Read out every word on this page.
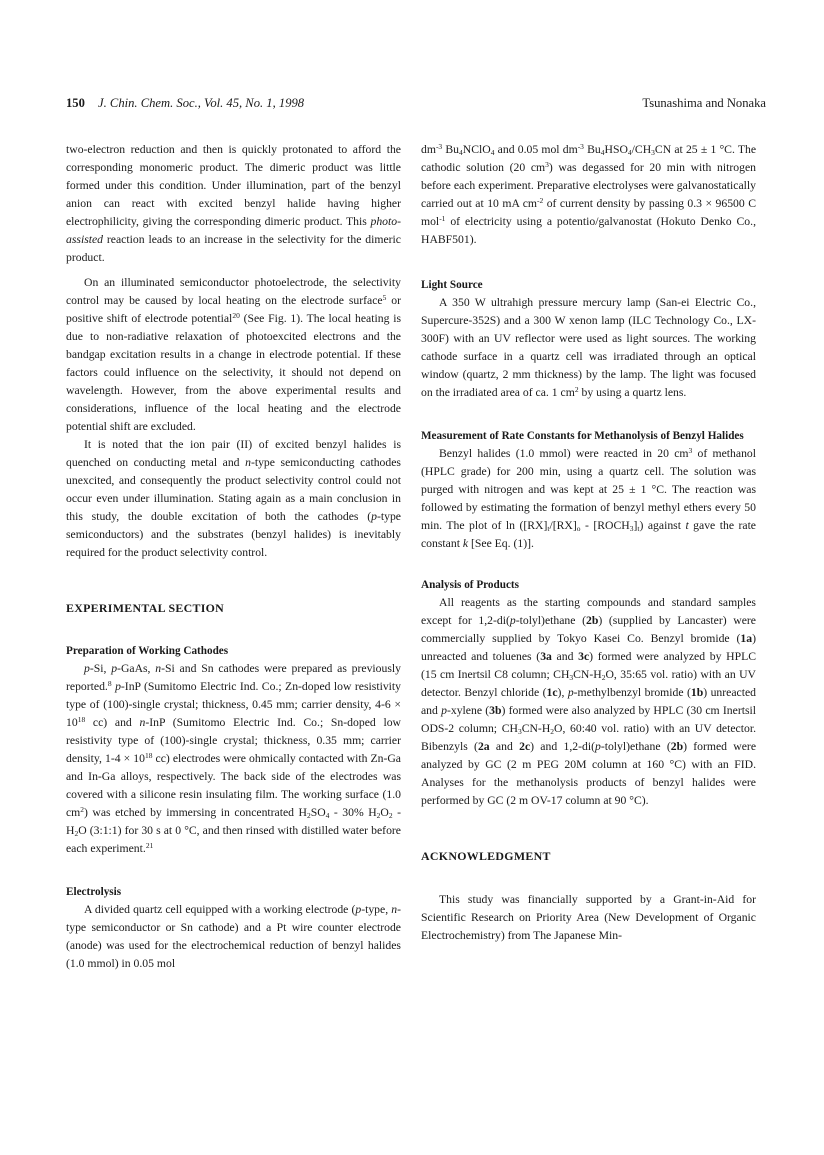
150 J. Chin. Chem. Soc., Vol. 45, No. 1, 1998	Tsunashima and Nonaka

two-electron reduction and then is quickly protonated to afford the corresponding monomeric product. The dimeric product was little formed under this condition. Under illumination, part of the benzyl anion can react with excited benzyl halide having higher electrophilicity, giving the corresponding dimeric product. This photo-assisted reaction leads to an increase in the selectivity for the dimeric product.

On an illuminated semiconductor photoelectrode, the selectivity control may be caused by local heating on the electrode surface$^5$ or positive shift of electrode potential$^{20}$ (See Fig. 1). The local heating is due to non-radiative relaxation of photoexcited electrons and the bandgap excitation results in a change in electrode potential. If these factors could influence on the selectivity, it should not depend on wavelength. However, from the above experimental results and considerations, influence of the local heating and the electrode potential shift are excluded.

It is noted that the ion pair (II) of excited benzyl halides is quenched on conducting metal and n-type semiconducting cathodes unexcited, and consequently the product selectivity control could not occur even under illumination. Stating again as a main conclusion in this study, the double excitation of both the cathodes (p-type semiconductors) and the substrates (benzyl halides) is inevitably required for the product selectivity control.

EXPERIMENTAL SECTION

Preparation of Working Cathodes

p-Si, p-GaAs, n-Si and Sn cathodes were prepared as previously reported.$^8$ p-InP (Sumitomo Electric Ind. Co.; Zn-doped low resistivity type of (100)-single crystal; thickness, 0.45 mm; carrier density, $4-6 \times 10^{18}$ cc) and n-InP (Sumitomo Electric Ind. Co.; Sn-doped low resistivity type of (100)-single crystal; thickness, 0.35 mm; carrier density, $1-4 \times 10^{18}$ cc) electrodes were ohmically contacted with Zn-Ga and In-Ga alloys, respectively. The back side of the electrodes was covered with a silicone resin insulating film. The working surface (1.0 $cm^2$) was etched by immersing in concentrated $H_2SO_4 - 30\%$ $H_2O_2 - H_2O$ (3:1:1) for 30 s at 0 °C, and then rinsed with distilled water before each experiment.$^{21}$

Electrolysis

A divided quartz cell equipped with a working electrode (p-type, n-type semiconductor or Sn cathode) and a Pt wire counter electrode (anode) was used for the electrochemical reduction of benzyl halides (1.0 mmol) in 0.05 mol

$dm^{-3}$ $Bu_4NClO_4$ and 0.05 mol $dm^{-3}$ $Bu_4HSO_4/CH_3CN$ at 25 ± 1 °C. The cathodic solution (20 $cm^3$) was degassed for 20 min with nitrogen before each experiment. Preparative electrolyses were galvanostatically carried out at 10 mA $cm^{-2}$ of current density by passing 0.3 × 96500 C mol$^{-1}$ of electricity using a potentio/galvanostat (Hokuto Denko Co., HABF501).

Light Source

A 350 W ultrahigh pressure mercury lamp (San-ei Electric Co., Supercure-352S) and a 300 W xenon lamp (ILC Technology Co., LX-300F) with an UV reflector were used as light sources. The working cathode surface in a quartz cell was irradiated through an optical window (quartz, 2 mm thickness) by the lamp. The light was focused on the irradiated area of ca. 1 $cm^2$ by using a quartz lens.

Measurement of Rate Constants for Methanolysis of Benzyl Halides

Benzyl halides (1.0 mmol) were reacted in 20 $cm^3$ of methanol (HPLC grade) for 200 min, using a quartz cell. The solution was purged with nitrogen and was kept at 25 ± 1 °C. The reaction was followed by estimating the formation of benzyl methyl ethers every 50 min. The plot of $\ln ([RX]_t/[RX]_o$ - $[ROCH_3]_t$) against t gave the rate constant k [See Eq. (1)].

Analysis of Products

All reagents as the starting compounds and standard samples except for 1,2-di(p-tolyl)ethane (2b) (supplied by Lancaster) were commercially supplied by Tokyo Kasei Co. Benzyl bromide (1a) unreacted and toluenes (3a and 3c) formed were analyzed by HPLC (15 cm Inertsil C8 column; $CH_3CN-H_2O$, 35:65 vol. ratio) with an UV detector. Benzyl chloride (1c), p-methylbenzyl bromide (1b) unreacted and p-xylene (3b) formed were also analyzed by HPLC (30 cm Inertsil ODS-2 column; $CH_3CN-H_2O$, 60:40 vol. ratio) with an UV detector. Bibenzyls (2a and 2c) and 1,2-di(p-tolyl)ethane (2b) formed were analyzed by GC (2 m PEG 20M column at 160 °C) with an FID. Analyses for the methanolysis products of benzyl halides were performed by GC (2 m OV-17 column at 90 °C).

ACKNOWLEDGMENT

This study was financially supported by a Grant-in-Aid for Scientific Research on Priority Area (New Development of Organic Electrochemistry) from The Japanese Min-
